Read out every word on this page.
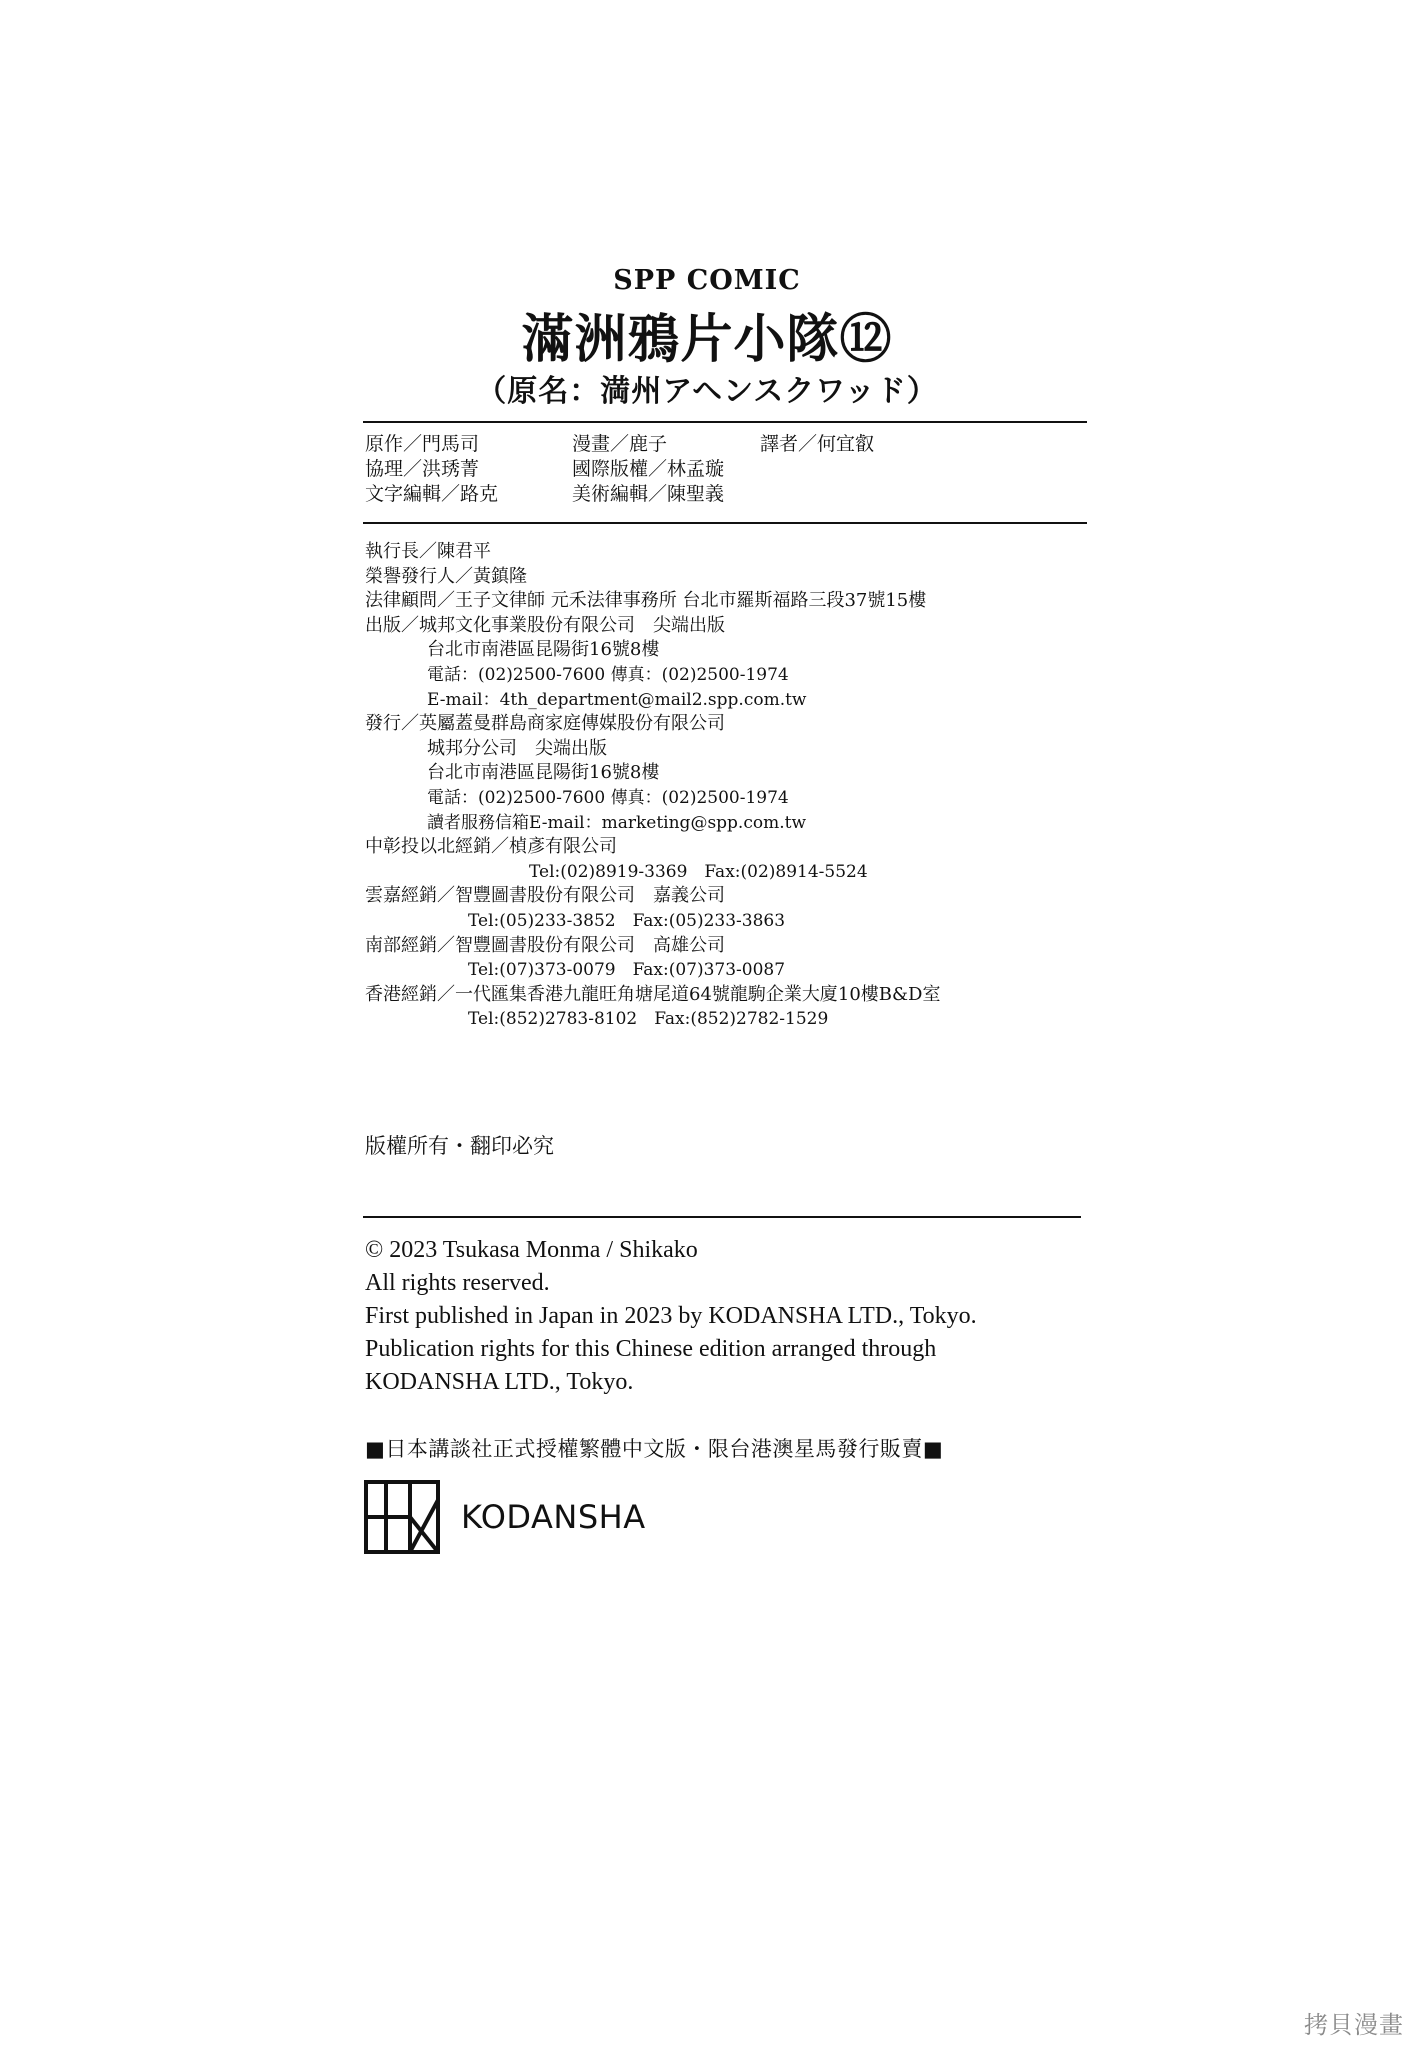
SPP COMIC
滿洲鴉片小隊⑫
（原名：満州アヘンスクワッド）
原作／門馬司	漫畫／鹿子	譯者／何宜叡
協理／洪琇菁	國際版權／林孟璇
文字編輯／路克	美術編輯／陳聖義
執行長／陳君平
榮譽發行人／黃鎮隆
法律顧問／王子文律師 元禾法律事務所 台北市羅斯福路三段37號15樓
出版／城邦文化事業股份有限公司　尖端出版
台北市南港區昆陽街16號8樓
電話：(02)2500-7600 傳真：(02)2500-1974
E-mail：4th_department@mail2.spp.com.tw
發行／英屬蓋曼群島商家庭傳媒股份有限公司
城邦分公司　尖端出版
台北市南港區昆陽街16號8樓
電話：(02)2500-7600 傳真：(02)2500-1974
讀者服務信箱E-mail：marketing@spp.com.tw
中彰投以北經銷／楨彥有限公司
Tel:(02)8919-3369　Fax:(02)8914-5524
雲嘉經銷／智豐圖書股份有限公司　嘉義公司
Tel:(05)233-3852　Fax:(05)233-3863
南部經銷／智豐圖書股份有限公司　高雄公司
Tel:(07)373-0079　Fax:(07)373-0087
香港經銷／一代匯集香港九龍旺角塘尾道64號龍駒企業大廈10樓B&D室
Tel:(852)2783-8102　Fax:(852)2782-1529
版權所有・翻印必究
© 2023 Tsukasa Monma / Shikako
All rights reserved.
First published in Japan in 2023 by KODANSHA LTD., Tokyo.
Publication rights for this Chinese edition arranged through
KODANSHA LTD., Tokyo.
■日本講談社正式授權繁體中文版・限台港澳星馬發行販賣■
KODANSHA
拷貝漫畫
